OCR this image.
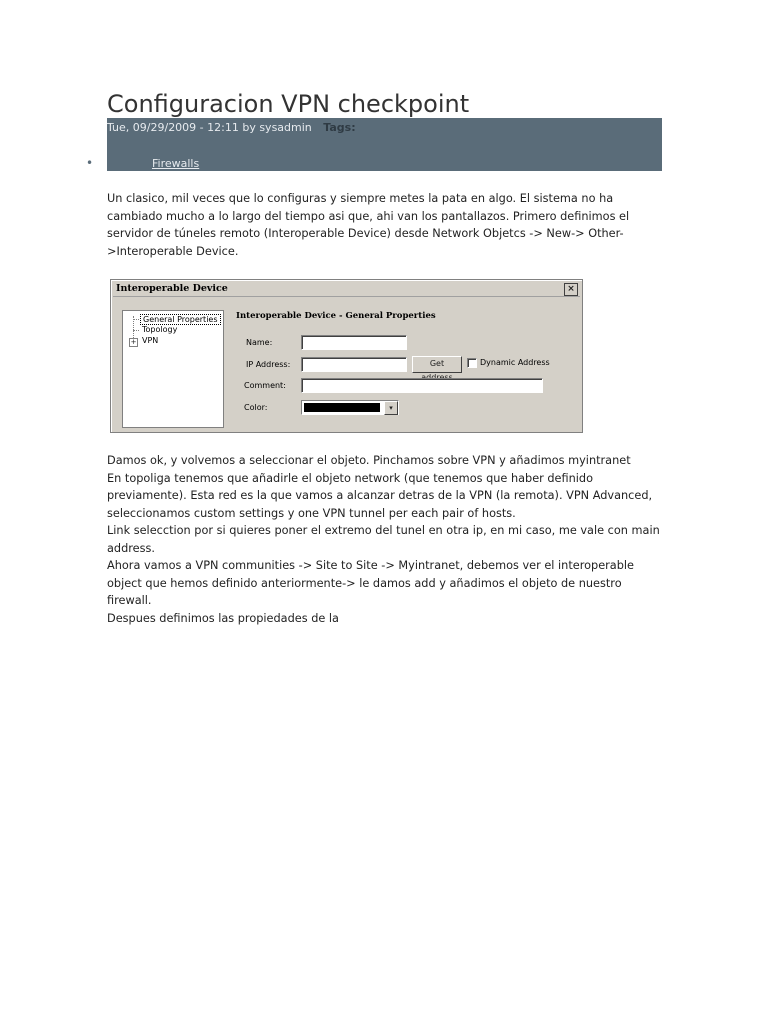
Configuracion VPN checkpoint
Tue, 09/29/2009 - 12:11 by sysadmin Tags:
•	Firewalls

Un clasico, mil veces que lo configuras y siempre metes la pata en algo. El sistema no ha cambiado mucho a lo largo del tiempo asi que, ahi van los pantallazos. Primero definimos el servidor de túneles remoto (Interoperable Device) desde Network Objetcs -> New-> Other->Interoperable Device.

Interoperable Device	×
General Properties
Topology
+ VPN
Interoperable Device - General Properties
Name:
IP Address:	Get	Dynamic Address
Comment:
Color:	▾
Damos ok, y volvemos a seleccionar el objeto. Pinchamos sobre VPN y añadimos myintranet
En topoliga tenemos que añadirle el objeto network (que tenemos que haber definido previamente). Esta red es la que vamos a alcanzar detras de la VPN (la remota). VPN Advanced, seleccionamos custom settings y one VPN tunnel per each pair of hosts.
Link selecction por si quieres poner el extremo del tunel en otra ip, en mi caso, me vale con main address.
Ahora vamos a VPN communities -> Site to Site -> Myintranet, debemos ver el interoperable object que hemos definido anteriormente-> le damos add y añadimos el objeto de nuestro firewall.
Despues definimos las propiedades de la
